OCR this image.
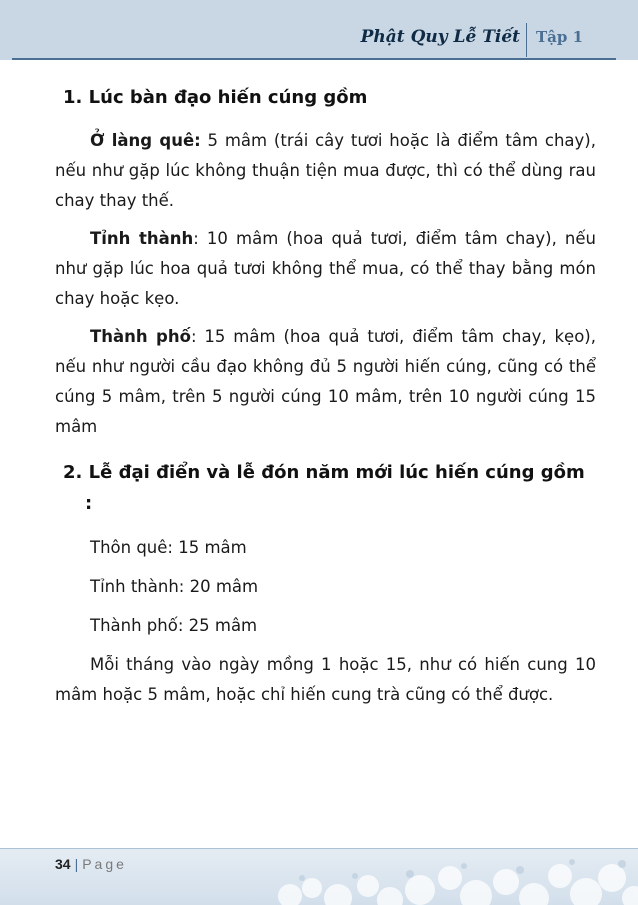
Phật Quy Lễ Tiết Tập 1
1. Lúc bàn đạo hiến cúng gồm

Ở làng quê: 5 mâm (trái cây tươi hoặc là điểm tâm chay), nếu như gặp lúc không thuận tiện mua được, thì có thể dùng rau chay thay thế.

Tỉnh thành: 10 mâm (hoa quả tươi, điểm tâm chay), nếu như gặp lúc hoa quả tươi không thể mua, có thể thay bằng món chay hoặc kẹo.

Thành phố: 15 mâm (hoa quả tươi, điểm tâm chay, kẹo), nếu như người cầu đạo không đủ 5 người hiến cúng, cũng có thể cúng 5 mâm, trên 5 người cúng 10 mâm, trên 10 người cúng 15 mâm

2. Lễ đại điển và lễ đón năm mới lúc hiến cúng gồm :

Thôn quê: 15 mâm

Tỉnh thành: 20 mâm

Thành phố: 25 mâm

Mỗi tháng vào ngày mồng 1 hoặc 15, như có hiến cung 10 mâm hoặc 5 mâm, hoặc chỉ hiến cung trà cũng có thể được.

34 | Page
